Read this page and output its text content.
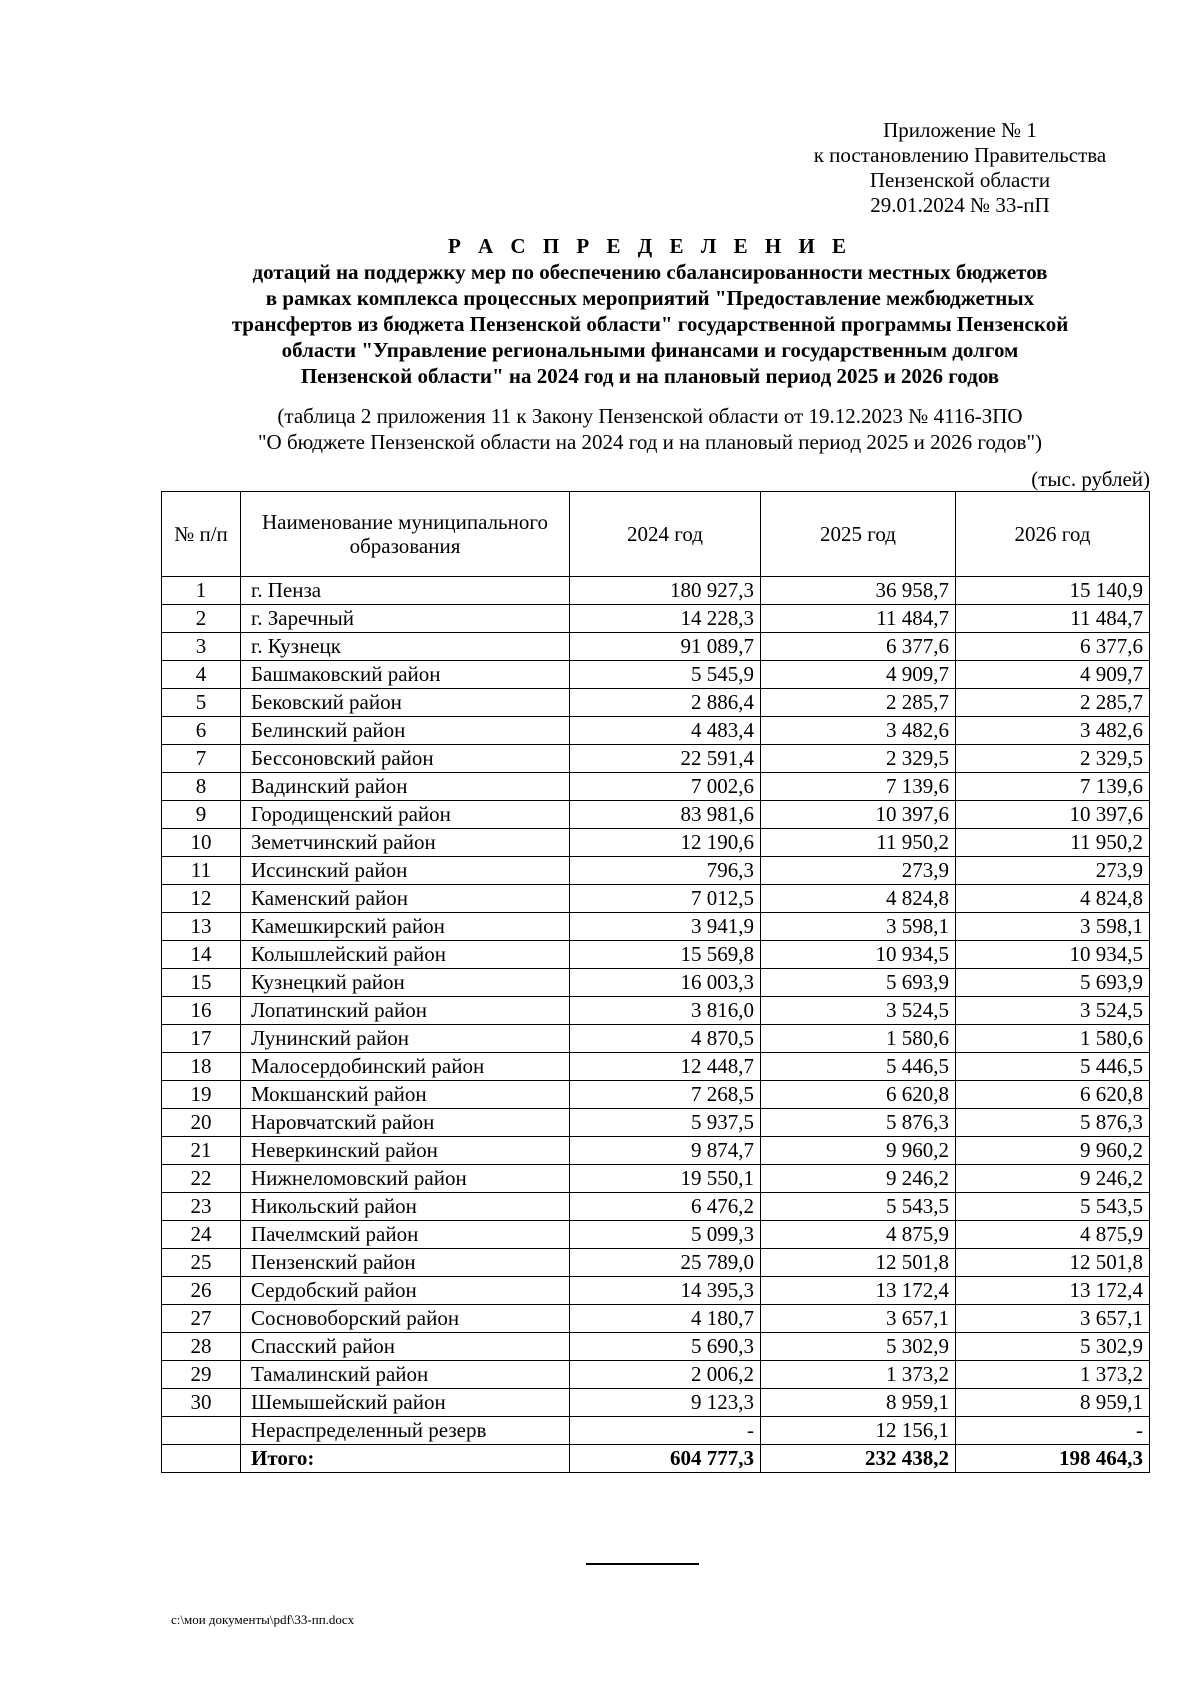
Приложение № 1
к постановлению Правительства
Пензенской области
29.01.2024 № 33-пП
Р А С П Р Е Д Е Л Е Н И Е
дотаций на поддержку мер по обеспечению сбалансированности местных бюджетов
в рамках комплекса процессных мероприятий "Предоставление межбюджетных
трансфертов из бюджета Пензенской области" государственной программы Пензенской
области "Управление региональными финансами и государственным долгом
Пензенской области" на 2024 год и на плановый период 2025 и 2026 годов
(таблица 2 приложения 11 к Закону Пензенской области от 19.12.2023 № 4116-ЗПО
"О бюджете Пензенской области на 2024 год и на плановый период 2025 и 2026 годов")
(тыс. рублей)
№ п/п	Наименование муниципального образования	2024 год	2025 год	2026 год
1	г. Пенза	180 927,3	36 958,7	15 140,9
2	г. Заречный	14 228,3	11 484,7	11 484,7
3	г. Кузнецк	91 089,7	6 377,6	6 377,6
4	Башмаковский район	5 545,9	4 909,7	4 909,7
5	Бековский район	2 886,4	2 285,7	2 285,7
6	Белинский район	4 483,4	3 482,6	3 482,6
7	Бессоновский район	22 591,4	2 329,5	2 329,5
8	Вадинский район	7 002,6	7 139,6	7 139,6
9	Городищенский район	83 981,6	10 397,6	10 397,6
10	Земетчинский район	12 190,6	11 950,2	11 950,2
11	Иссинский район	796,3	273,9	273,9
12	Каменский район	7 012,5	4 824,8	4 824,8
13	Камешкирский район	3 941,9	3 598,1	3 598,1
14	Колышлейский район	15 569,8	10 934,5	10 934,5
15	Кузнецкий район	16 003,3	5 693,9	5 693,9
16	Лопатинский район	3 816,0	3 524,5	3 524,5
17	Лунинский район	4 870,5	1 580,6	1 580,6
18	Малосердобинский район	12 448,7	5 446,5	5 446,5
19	Мокшанский район	7 268,5	6 620,8	6 620,8
20	Наровчатский район	5 937,5	5 876,3	5 876,3
21	Неверкинский район	9 874,7	9 960,2	9 960,2
22	Нижнеломовский район	19 550,1	9 246,2	9 246,2
23	Никольский район	6 476,2	5 543,5	5 543,5
24	Пачелмский район	5 099,3	4 875,9	4 875,9
25	Пензенский район	25 789,0	12 501,8	12 501,8
26	Сердобский район	14 395,3	13 172,4	13 172,4
27	Сосновоборский район	4 180,7	3 657,1	3 657,1
28	Спасский район	5 690,3	5 302,9	5 302,9
29	Тамалинский район	2 006,2	1 373,2	1 373,2
30	Шемышейский район	9 123,3	8 959,1	8 959,1
	Нераспределенный резерв	-	12 156,1	-
	Итого:	604 777,3	232 438,2	198 464,3
c:\мои документы\pdf\33-пп.docx
